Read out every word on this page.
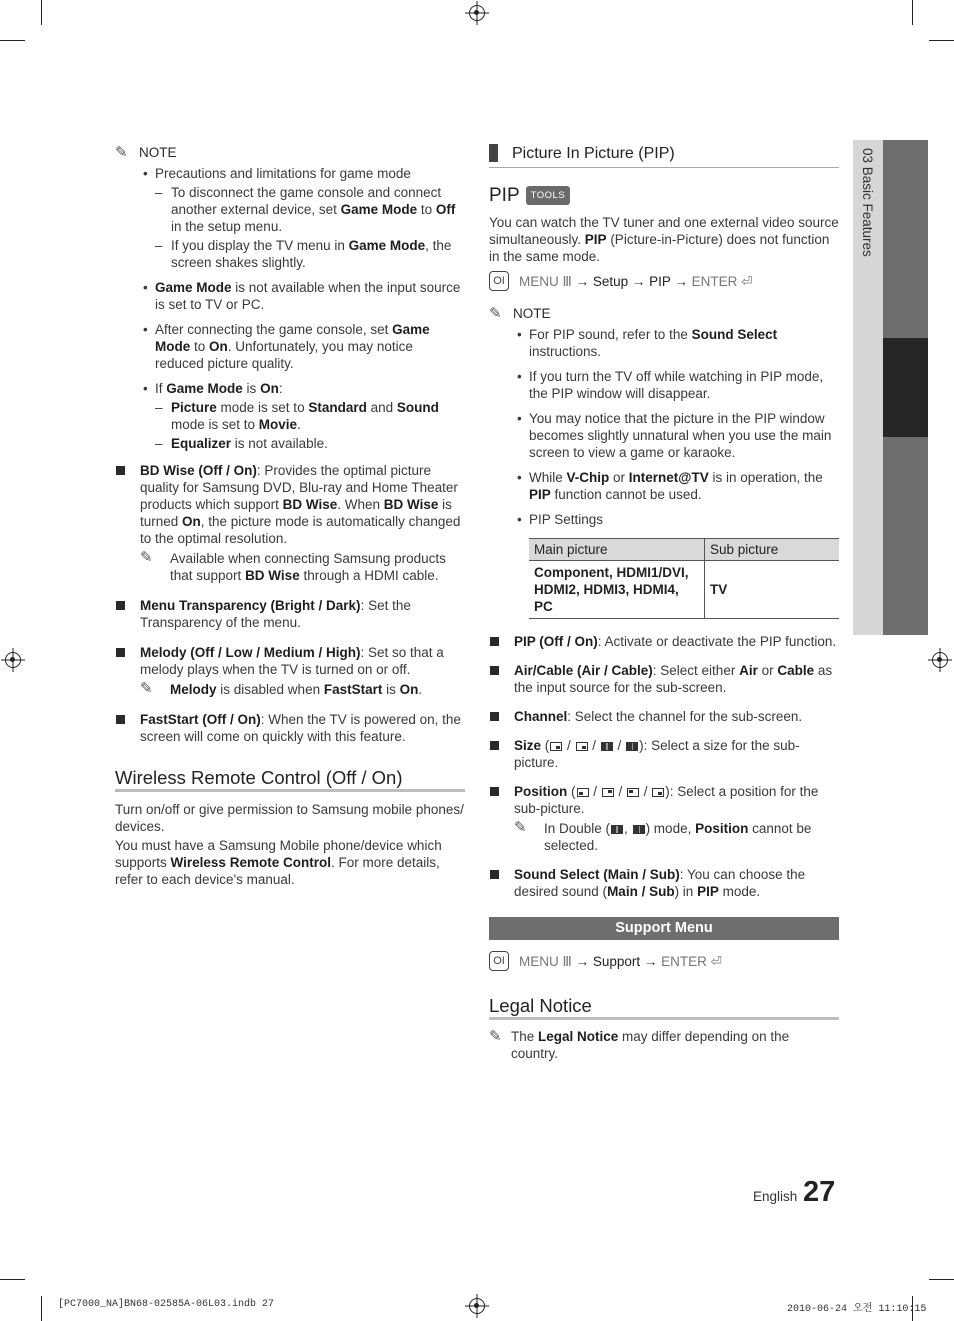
03 Basic Features
✎ NOTE
• Precautions and limitations for game mode
– To disconnect the game console and connect another external device, set Game Mode to Off in the setup menu.
– If you display the TV menu in Game Mode, the screen shakes slightly.
• Game Mode is not available when the input source is set to TV or PC.
• After connecting the game console, set Game Mode to On. Unfortunately, you may notice reduced picture quality.
• If Game Mode is On:
– Picture mode is set to Standard and Sound mode is set to Movie.
– Equalizer is not available.
BD Wise (Off / On): Provides the optimal picture quality for Samsung DVD, Blu-ray and Home Theater products which support BD Wise. When BD Wise is turned On, the picture mode is automatically changed to the optimal resolution.
✎	Available when connecting Samsung products that support BD Wise through a HDMI cable.
Menu Transparency (Bright / Dark): Set the Transparency of the menu.
Melody (Off / Low / Medium / High): Set so that a melody plays when the TV is turned on or off.
✎	Melody is disabled when FastStart is On.
FastStart (Off / On): When the TV is powered on, the screen will come on quickly with this feature.
Wireless Remote Control (Off / On)

Turn on/off or give permission to Samsung mobile phones/ devices.

You must have a Samsung Mobile phone/device which supports Wireless Remote Control. For more details, refer to each device's manual.

Picture In Picture (PIP)
PIP	TOOLS

You can watch the TV tuner and one external video source simultaneously. PIP (Picture-in-Picture) does not function in the same mode.

OI	MENU Ⅲ → Setup → PIP → ENTER ⏎
✎ NOTE
• For PIP sound, refer to the Sound Select instructions.
• If you turn the TV off while watching in PIP mode, the PIP window will disappear.
• You may notice that the picture in the PIP window becomes slightly unnatural when you use the main screen to view a game or karaoke.
• While V-Chip or Internet@TV is in operation, the PIP function cannot be used.
• PIP Settings
Main picture	Sub picture
Component, HDMI1/DVI, HDMI2, HDMI3, HDMI4, PC	TV
PIP (Off / On): Activate or deactivate the PIP function.
Air/Cable (Air / Cable): Select either Air or Cable as the input source for the sub-screen.
Channel: Select the channel for the sub-screen.
Size ( /  /  / ): Select a size for the sub-picture.
Position ( /  /  / ): Select a position for the sub-picture.
✎	In Double ( , ) mode, Position cannot be selected.
Sound Select (Main / Sub): You can choose the desired sound (Main / Sub) in PIP mode.
Support Menu
OI	MENU Ⅲ → Support → ENTER ⏎
Legal Notice
✎ The Legal Notice may differ depending on the country.
English 27
[PC7000_NA]BN68-02585A-06L03.indb 27	2010-06-24 오전 11:10:15
